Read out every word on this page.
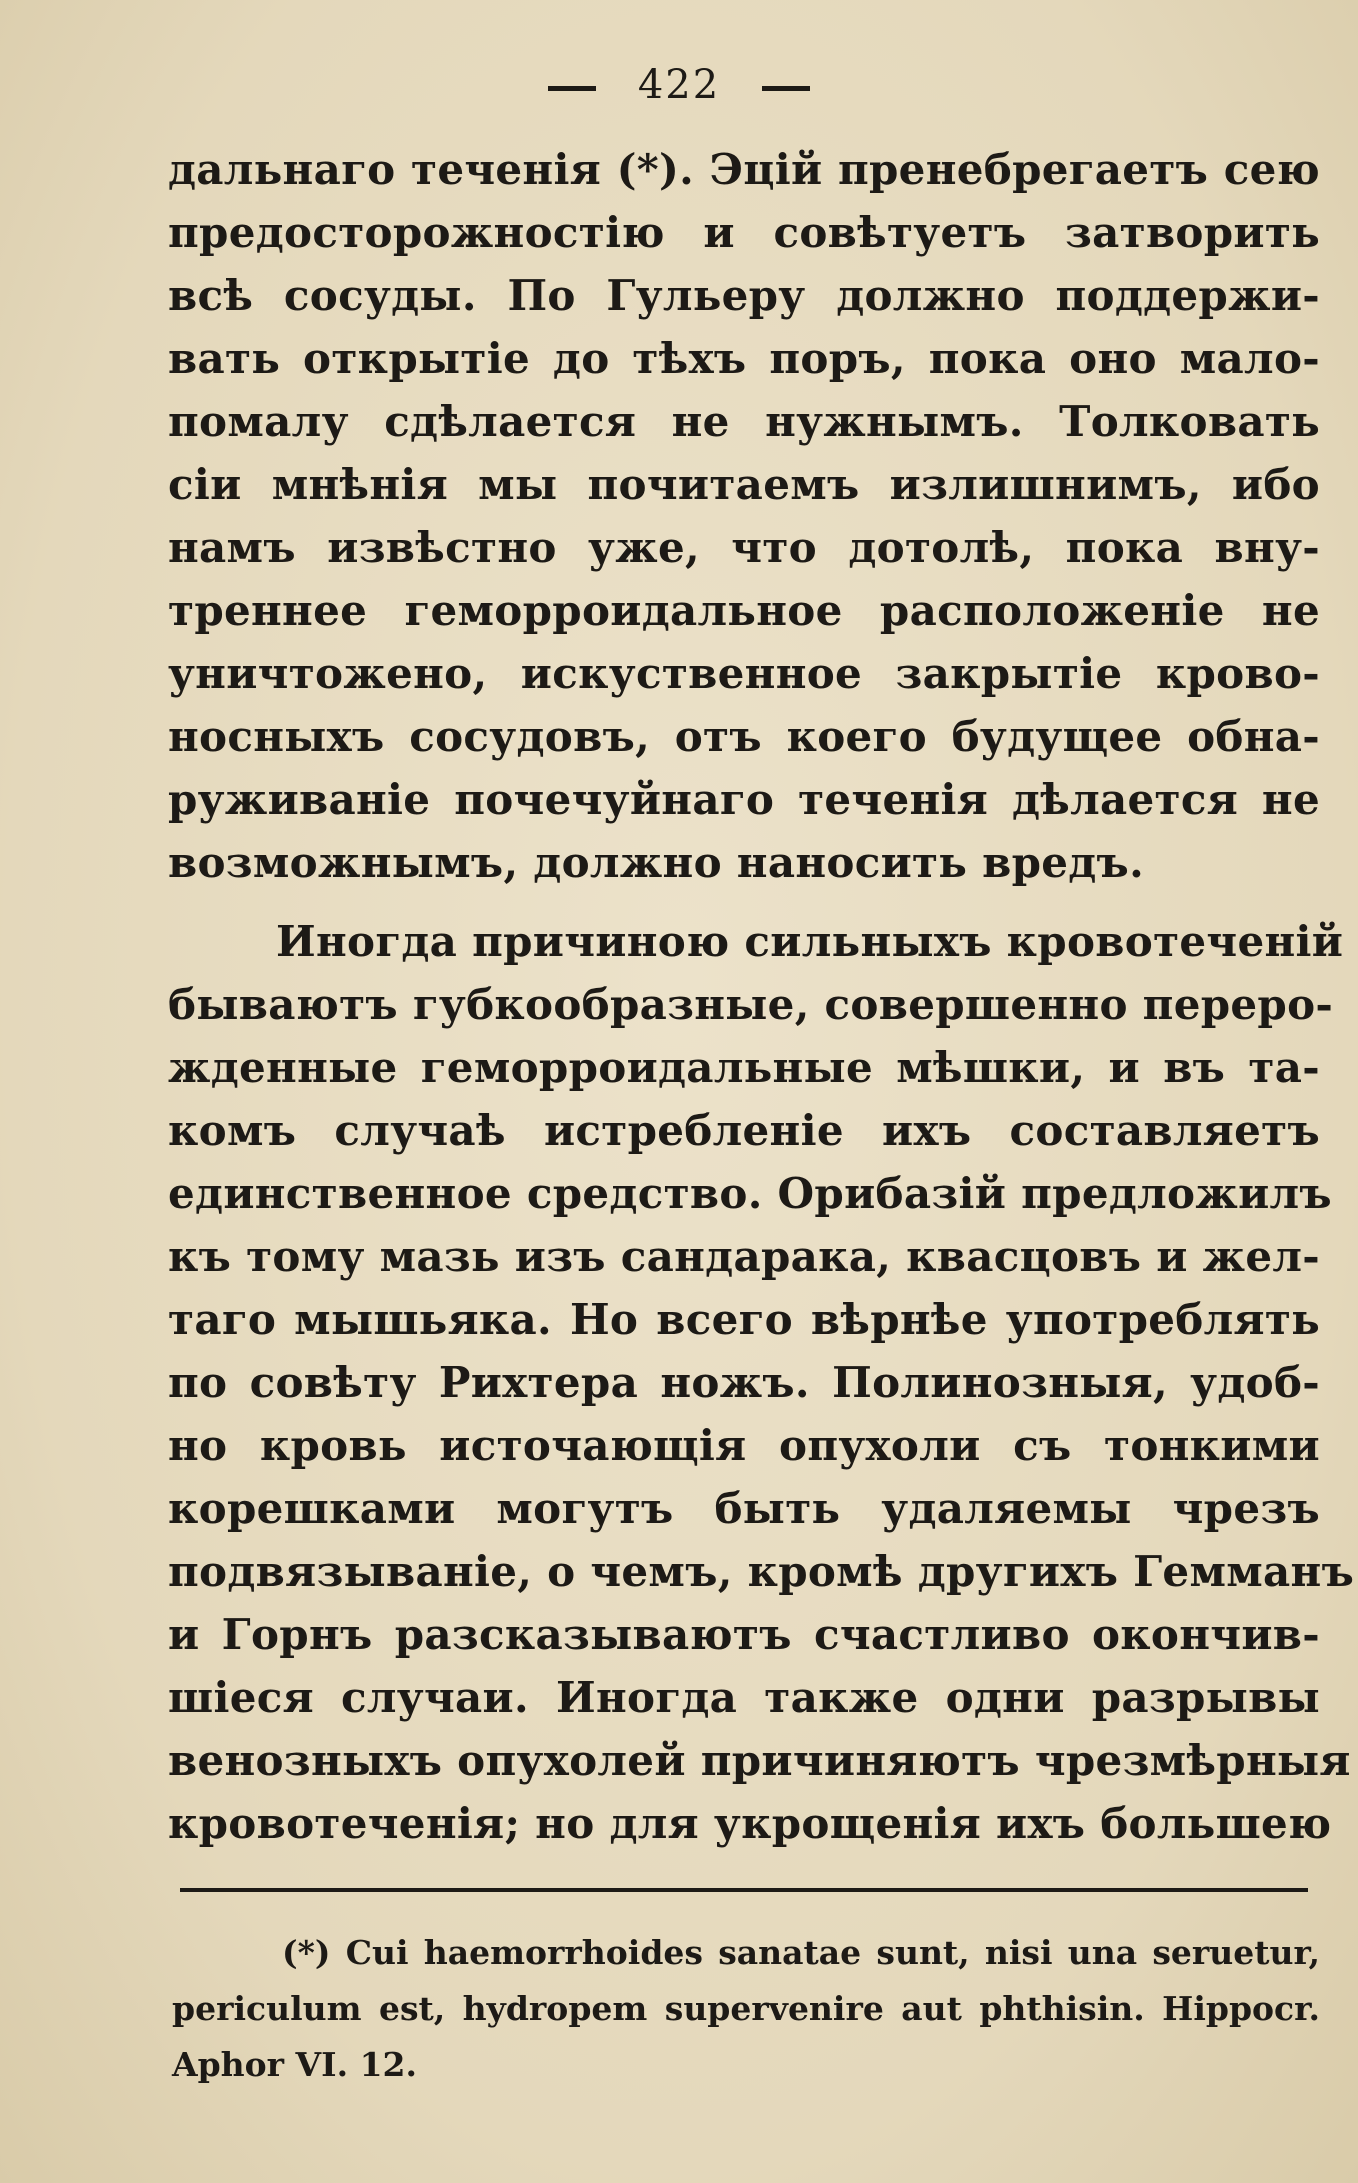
422
дальнаго теченія (*). Эцій пренебрегаетъ сею
предосторожностію и совѣтуетъ затворить
всѣ сосуды. По Гульеру должно поддержи-
вать открытіе до тѣхъ поръ, пока оно мало-
помалу сдѣлается не нужнымъ. Толковать
сіи мнѣнія мы почитаемъ излишнимъ, ибо
намъ извѣстно уже, что дотолѣ, пока вну-
треннее геморроидальное расположеніе не
уничтожено, искуственное закрытіе крово-
носныхъ сосудовъ, отъ коего будущее обна-
руживаніе почечуйнаго теченія дѣлается не
возможнымъ, должно наносить вредъ.
Иногда причиною сильныхъ кровотеченій
бываютъ губкообразные, совершенно переро-
жденные геморроидальные мѣшки, и въ та-
комъ случаѣ истребленіе ихъ составляетъ
единственное средство. Орибазій предложилъ
къ тому мазь изъ сандарака, квасцовъ и жел-
таго мышьяка. Но всего вѣрнѣе употреблять
по совѣту Рихтера ножъ. Полинозныя, удоб-
но кровь источающія опухоли съ тонкими
корешками могутъ быть удаляемы чрезъ
подвязываніе, о чемъ, кромѣ другихъ Гемманъ
и Горнъ разсказываютъ счастливо окончив-
шіеся случаи. Иногда также одни разрывы
венозныхъ опухолей причиняютъ чрезмѣрныя
кровотеченія; но для укрощенія ихъ большею
(*) Cui haemorrhoides sanatae sunt, nisi una seruetur,
periculum est, hydropem supervenire aut phthisin. Hippocr.
Aphor VI. 12.
